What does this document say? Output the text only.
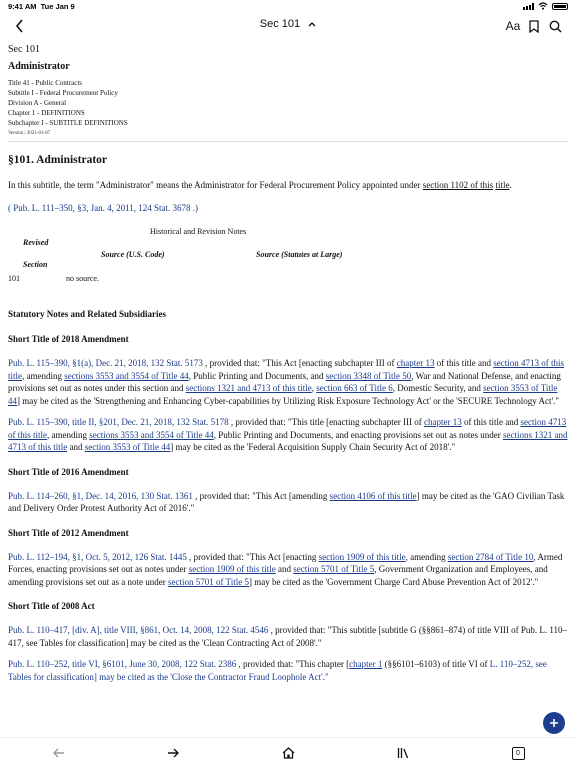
9:41 AM Tue Jan 9
Sec 101	Aa
Sec 101
Administrator
Title 41 - Public Contracts
Subtitle I - Federal Procurement Policy
Division A - General
Chapter 1 - DEFINITIONS
Subchapter I - SUBTITLE DEFINITIONS
Version | 2021-01-07
§101. Administrator

In this subtitle, the term "Administrator" means the Administrator for Federal Procurement Policy appointed under section 1102 of this title.

( Pub. L. 111–350, §3, Jan. 4, 2011, 124 Stat. 3678 .)

Historical and Revision Notes
Revised
Source (U.S. Code)	Source (Statutes at Large)
Section
101	no source.
Statutory Notes and Related Subsidiaries
Short Title of 2018 Amendment

Pub. L. 115–390, §1(a), Dec. 21, 2018, 132 Stat. 5173 , provided that: "This Act [enacting subchapter III of chapter 13 of this title and section 4713 of this title, amending sections 3553 and 3554 of Title 44, Public Printing and Documents, and section 3348 of Title 50, War and National Defense, and enacting provisions set out as notes under this section and sections 1321 and 4713 of this title, section 663 of Title 6, Domestic Security, and section 3553 of Title 44] may be cited as the 'Strengthening and Enhancing Cyber-capabilities by Utilizing Risk Exposure Technology Act' or the 'SECURE Technology Act'."

Pub. L. 115–390, title II, §201, Dec. 21, 2018, 132 Stat. 5178 , provided that: "This title [enacting subchapter III of chapter 13 of this title and section 4713 of this title, amending sections 3553 and 3554 of Title 44, Public Printing and Documents, and enacting provisions set out as notes under sections 1321 and 4713 of this title and section 3553 of Title 44] may be cited as the 'Federal Acquisition Supply Chain Security Act of 2018'."

Short Title of 2016 Amendment

Pub. L. 114–260, §1, Dec. 14, 2016, 130 Stat. 1361 , provided that: "This Act [amending section 4106 of this title] may be cited as the 'GAO Civilian Task and Delivery Order Protest Authority Act of 2016'."

Short Title of 2012 Amendment

Pub. L. 112–194, §1, Oct. 5, 2012, 126 Stat. 1445 , provided that: "This Act [enacting section 1909 of this title, amending section 2784 of Title 10, Armed Forces, enacting provisions set out as notes under section 1909 of this title and section 5701 of Title 5, Government Organization and Employees, and amending provisions set out as a note under section 5701 of Title 5] may be cited as the 'Government Charge Card Abuse Prevention Act of 2012'."

Short Title of 2008 Act

Pub. L. 110–417, [div. A], title VIII, §861, Oct. 14, 2008, 122 Stat. 4546 , provided that: "This subtitle [subtitle G (§§861–874) of title VIII of Pub. L. 110–417, see Tables for classification] may be cited as the 'Clean Contracting Act of 2008'."

Pub. L. 110–252, title VI, §6101, June 30, 2008, 122 Stat. 2386 , provided that: "This chapter [chapter 1 (§§6101–6103) of title VI of L. 110–252, see Tables for classification] may be cited as the 'Close the Contractor Fraud Loophole Act'."

0
